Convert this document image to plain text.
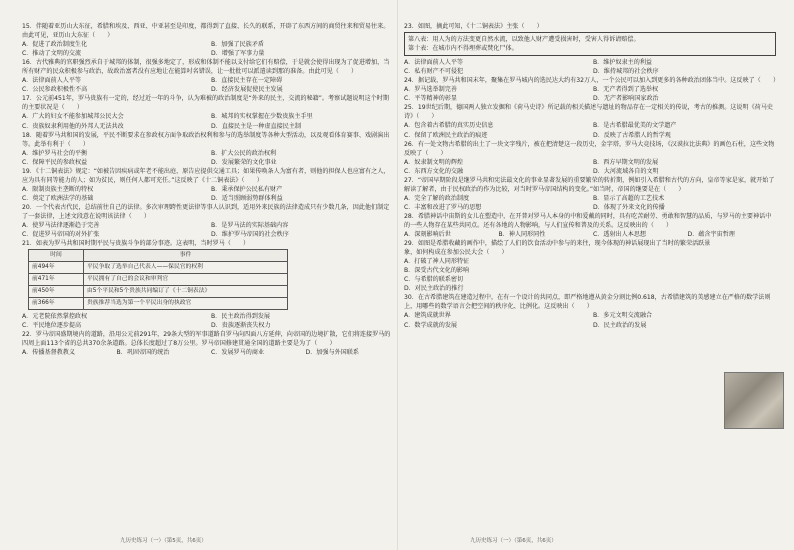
15．伴随着亚历山大东征，希腊和埃及、西亚、中亚甚至是印度，都得到了直接、长久的联系，开辟了东西方间的商贸往来和贸易往来。由此可见，亚历山大东征（　　）

A．促进了政治制度生化	B．加强了民族矛盾
C．推动了文明的交流	D．增强了军事力量

16．古代雅典的官职强烈承自于城邦的体制，很强多地定了，形成和体制不能以支付给它们有赔偿，于是就会使得出现为了促进增加，当所有财产的民众积极参与政治，故政治富者没有应地让在能算吋名错误，让一批批可以派遣读到那的准备。由此可见（　　）

A．法律面前人人平等	B．直接民主存在一定障碍
C．公民参政积极性不高	D．经济发展促使民主发展

17．公元前451年，罗马贵族有一定的，经过近一年的斗争，认为难被的政治制度是“外来的民主，交流的秘籍”。考察试题说明这个时期的主要状况是（　　）

A．广大的妇女不能参加城邦公民大会	B．城邦的实权掌握在少数贵族主手里
C．贵族奴隶利用他的外邦人无法共改	D．直接民主是一种虚直接民主制

18．随着罗马共和国的发展，平民不断要求在参政权方面争取政治权利和参与的选举制度等各种大型活动，以及观看体育赛事、戏剧演出等。此举有利于（　　）

A．维护罗马社会的平衡	B．扩大公民的政治权利
C．保障平民的参政权益	D．发展繁荣的文化事业

19．《十二铜表法》规定：“如被告因疾病或年老不能出庭，原告应提供交通工具；如果传唤条人为富有者，则他的担保人也应富有之人，应为具有同等能力的人；如为贫民，则任何人都可充任。”这反映了《十二铜表法》（　　）

A．限制贵族主垄断的特权	B．秉承保护公民私有财产
C．奠定了欧洲法学的基础	D．适当照顾弱势群体利益

20．一个代表古代民，总结前往自己的法律。多次审理跨性更法律等事人认识到，适用外来民族的法律造成只有少数几条，因此他们制定了一套法律，上述文段意在说明该法律（　　）

A．使罗马法律逐渐趋于完善	B．是罗马法的实际基础内容
C．促进罗马帝国的对外扩张	D．维护罗马帝国的社会秩序

21．如表为罗马共和国时期平民与贵族斗争的部分事迹。这表明，当时罗马（　　）

时间	事件
前494年	平民争取了选举自己代表人——保民官的权利
前471年	平民拥有了自己的会议和审判官
前450年	由5个平民和5个贵族共同编订了《十二铜表法》
前366年	贵族推荐当选为第一个平民出身的执政官
A．元老院依然掌控政权	B．民主政治得到发展
C．平民地位逐步提高	D．贵族逐渐丧失权力

22．罗马帝国盛期境内的道路，沿用公元前291年，29条大型的军事道路自罗马向四面八方延伸，向帝国的边境扩散，它们将连接罗马的四周上面113个省的总共370余条道路。总体长度超过了8万公里。罗马帝国修建贯通全国的道路主要是为了（　　）

A．传播基督教教义	B．巩固帝国的统治	C．发展罗马的商业	D．加强与外国联系

23．如图，摘此可知，《十二铜表法》主张（　　）

第八表：用人为的方法变更自然水流，以致他人财产遭受损害时，受害人得诉请赔偿。
第十表：在城市内不得埋葬或焚化尸体。
A．法律面前人人平等	B．维护奴隶主的利益
C．私有财产不可侵犯	D．维持城邦的社会秩序

24．据记载，罗马共和国末年，聚集在罗马城内的选民达大约有32万人，一个公民可以加入到更多的各种政治团体当中。这反映了（　　）

A．罗马选举制完善	B．无产者得到了选举权
C．平等精神的彰显	D．无产者影响国家政治

25．19世纪后期，德国两人独立发掘和《荷马史诗》所记载的相关描述与遗址的物品存在一定相关的传说，考古的推测。这说明《荷马史诗》（　　）

A．包含着古希腊的真实历史信息	B．是古希腊最优美的文学遗产
C．保留了欧洲民主政治的痕迹	D．反映了古希腊人的哲学观

26．有一处文物古希腊的出土了一块文字残片，被在把清楚这一段历史，金字塔，罗马大竞技场，《汉谟拉比法典》的画色石柱，这些文物反映了（　　）

A．奴隶制文明的辉煌	B．西方早期文明的发展
C．东西方文化的交融	D．大河流域各自的文明

27．“帝国早期阶段是继罗马共和宪法最文化的事业显著发展的重要繁荣的转折期，例如引入希腊和古代的方向，皇帝等家是家，就开始了解读了解者，由于民权政治的作为比较，对当时罗马帝国结构的变化。”如当时，帝国的继要是在（　　）

A．完全了解的政治制度	B．显示了高超的工艺技术
C．丰富和改进了罗马的思想	D．体现了外来文化的传播

28．希腊神话中宙斯的女儿在塑造中，在开普对罗马人本身的中和爱戴的同时，具有吃苦耐劳、勇敢和智慧的品质，与罗马的主要神话中的一些人物存在某些共同点。还有各地的人物影响，与人们宣传和普及的关系。这反映出的（　　）

A．深刻影响后世	B．神人同形同性	C．透射出人本思想	D．蕴含宇宙哲理

29．如图是希腊收藏的画作中，描绘了人们的饮食活动中参与的来往，现今体现的神话展现出了当时的繁荣活跃景象，如何构成在参加公民大会（　　）

A．打破了神人同形特征
B．深受古代文化的影响
C．与希腊的联系密切
D．对民主政治的推行

30．在古希腊建筑在建造过程中，在有一个设计的共同点，即严格地遵从黄金分割比例0.618，古希腊建筑的美感建立在严格的数学法则上，用哪些的数学语言会把空间的秩序化、比例化。这反映出（　　）

A．建筑成就世界	B．多元文明交流融合
C．数学成就的发展	D．民主政治的发展
九历史练习（一）（第5页，共6页）	九历史练习（一）（第6页，共6页）
